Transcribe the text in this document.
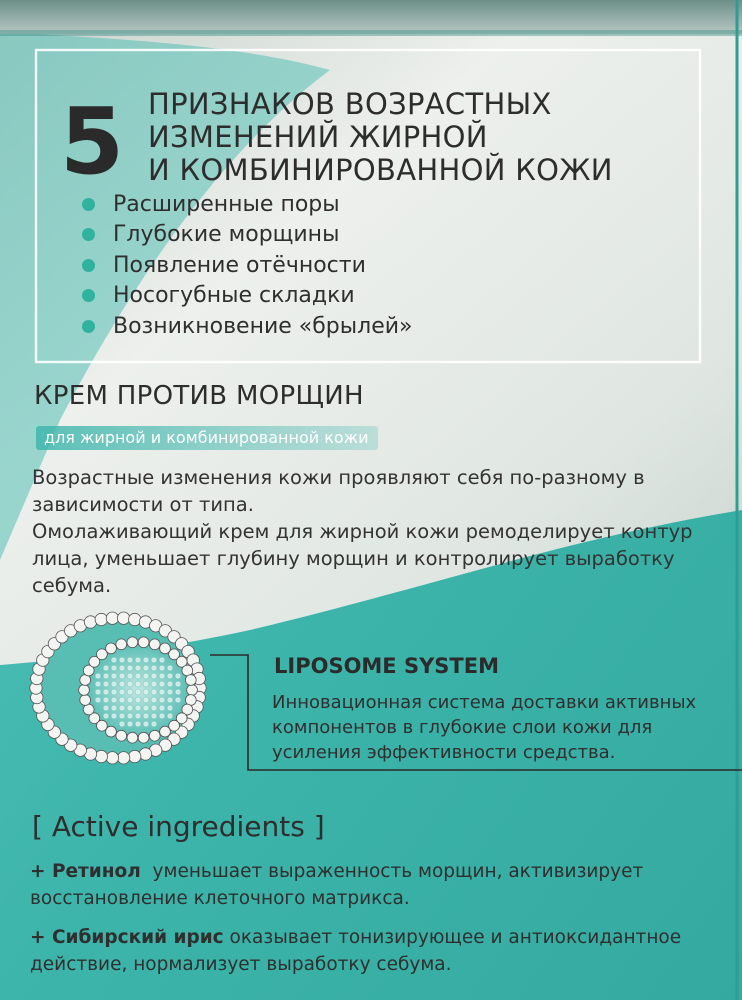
5 ПРИЗНАКОВ ВОЗРАСТНЫХ
ИЗМЕНЕНИЙ ЖИРНОЙ
И КОМБИНИРОВАННОЙ КОЖИ
Расширенные поры
Глубокие морщины
Появление отёчности
Носогубные складки
Возникновение «брылей»
КРЕМ ПРОТИВ МОРЩИН
для жирной и комбинированной кожи

Возрастные изменения кожи проявляют себя по-разному в зависимости от типа.

Омолаживающий крем для жирной кожи ремоделирует контур лица, уменьшает глубину морщин и контролирует выработку себума.

LIPOSOME SYSTEM

Инновационная система доставки активных компонентов в глубокие слои кожи для усиления эффективности средства.

[ Active ingredients ]

+ Ретинол уменьшает выраженность морщин, активизирует восстановление клеточного матрикса.

+ Сибирский ирис оказывает тонизирующее и антиоксидантное действие, нормализует выработку себума.
